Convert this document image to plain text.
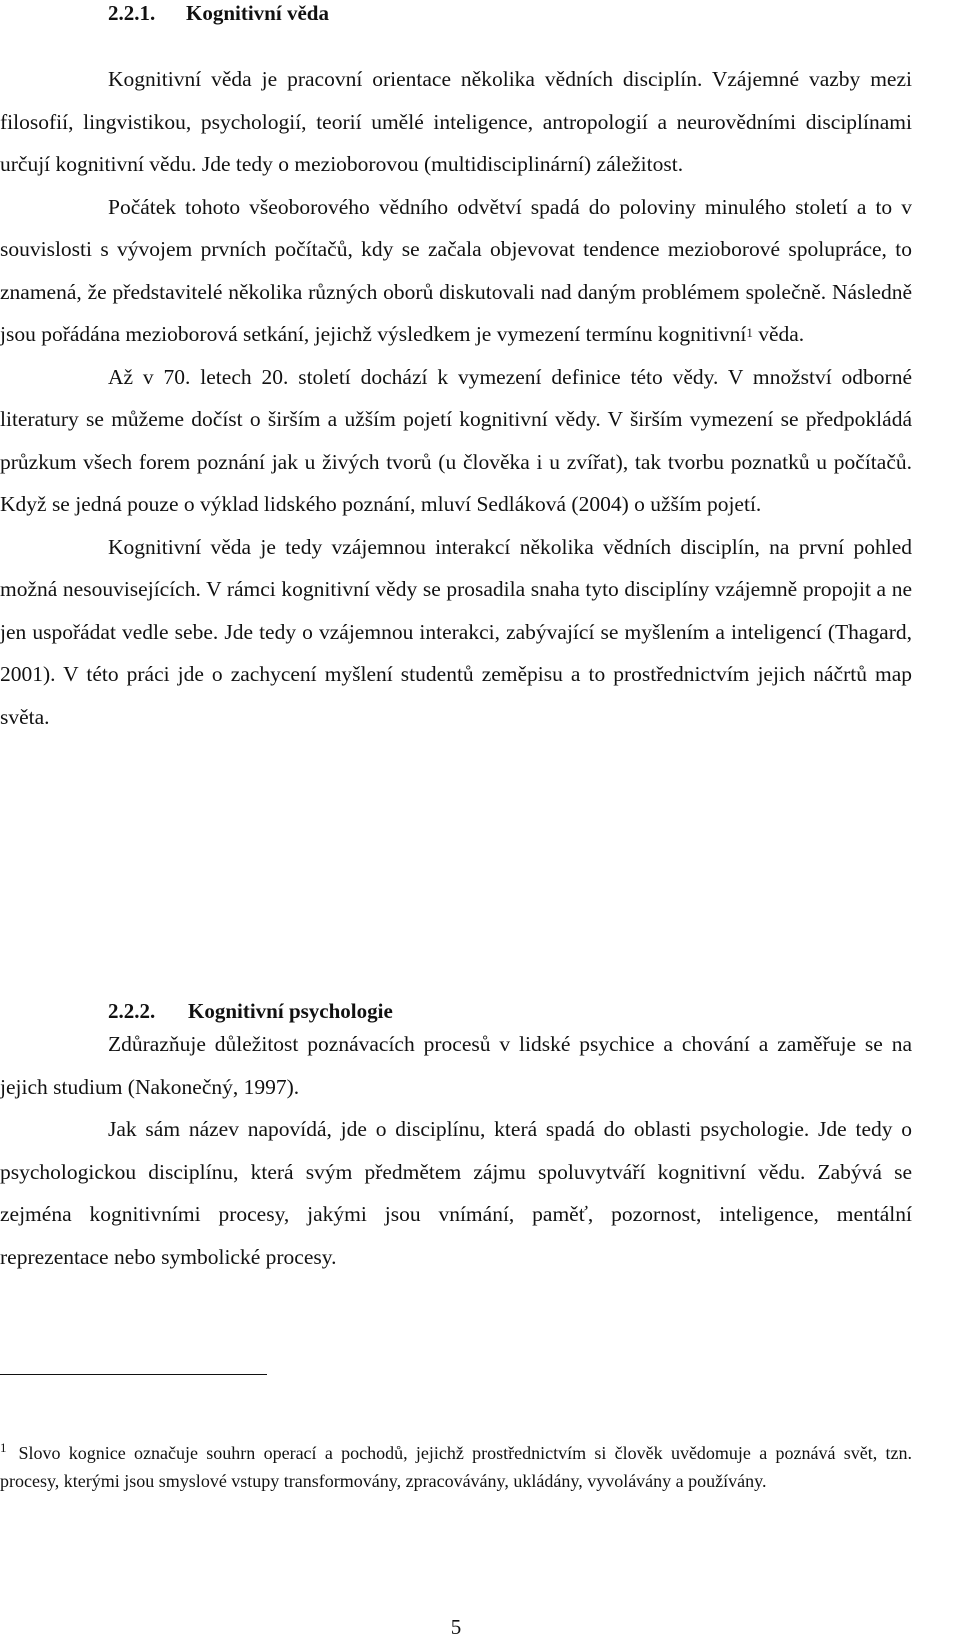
2.2.1. Kognitivní věda

Kognitivní věda je pracovní orientace několika vědních disciplín. Vzájemné vazby mezi filosofií, lingvistikou, psychologií, teorií umělé inteligence, antropologií a neurovědními disciplínami určují kognitivní vědu. Jde tedy o mezioborovou (multidisciplinární) záležitost.

Počátek tohoto všeoborového vědního odvětví spadá do poloviny minulého století a to v souvislosti s vývojem prvních počítačů, kdy se začala objevovat tendence mezioborové spolupráce, to znamená, že představitelé několika různých oborů diskutovali nad daným problémem společně. Následně jsou pořádána mezioborová setkání, jejichž výsledkem je vymezení termínu kognitivní$^1$ věda.

Až v 70. letech 20. století dochází k vymezení definice této vědy. V množství odborné literatury se můžeme dočíst o širším a užším pojetí kognitivní vědy. V širším vymezení se předpokládá průzkum všech forem poznání jak u živých tvorů (u člověka i u zvířat), tak tvorbu poznatků u počítačů. Když se jedná pouze o výklad lidského poznání, mluví Sedláková (2004) o užším pojetí.

Kognitivní věda je tedy vzájemnou interakcí několika vědních disciplín, na první pohled možná nesouvisejících. V rámci kognitivní vědy se prosadila snaha tyto disciplíny vzájemně propojit a ne jen uspořádat vedle sebe. Jde tedy o vzájemnou interakci, zabývající se myšlením a inteligencí (Thagard, 2001). V této práci jde o zachycení myšlení studentů zeměpisu a to prostřednictvím jejich náčrtů map světa.

2.2.2. Kognitivní psychologie

Zdůrazňuje důležitost poznávacích procesů v lidské psychice a chování a zaměřuje se na jejich studium (Nakonečný, 1997).

Jak sám název napovídá, jde o disciplínu, která spadá do oblasti psychologie. Jde tedy o psychologickou disciplínu, která svým předmětem zájmu spoluvytváří kognitivní vědu. Zabývá se zejména kognitivními procesy, jakými jsou vnímání, paměť, pozornost, inteligence, mentální reprezentace nebo symbolické procesy.

$^1$ Slovo kognice označuje souhrn operací a pochodů, jejichž prostřednictvím si člověk uvědomuje a poznává svět, tzn. procesy, kterými jsou smyslové vstupy transformovány, zpracovávány, ukládány, vyvolávány a používány.

5
